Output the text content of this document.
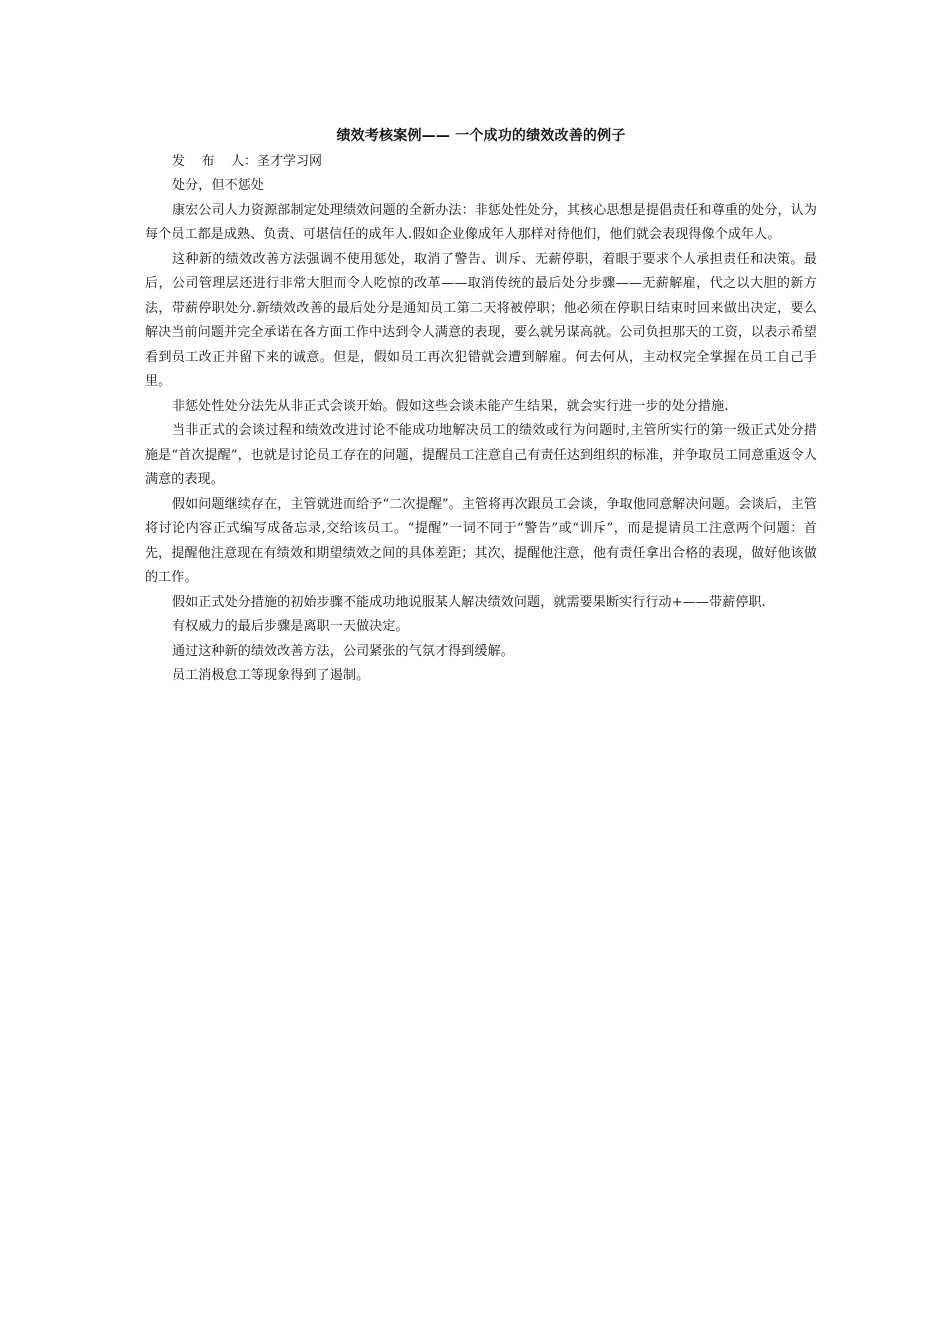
绩效考核案例—— 一个成功的绩效改善的例子

发    布    人：圣才学习网

处分，但不惩处

康宏公司人力资源部制定处理绩效问题的全新办法：非惩处性处分，其核心思想是提倡责任和尊重的处分，认为每个员工都是成熟、负责、可堪信任的成年人.假如企业像成年人那样对待他们，他们就会表现得像个成年人。

这种新的绩效改善方法强调不使用惩处，取消了警告、训斥、无薪停职，着眼于要求个人承担责任和决策。最后，公司管理层还进行非常大胆而令人吃惊的改革——取消传统的最后处分步骤——无薪解雇，代之以大胆的新方法，带薪停职处分.新绩效改善的最后处分是通知员工第二天将被停职；他必须在停职日结束时回来做出决定，要么解决当前问题并完全承诺在各方面工作中达到令人满意的表现，要么就另谋高就。公司负担那天的工资，以表示希望看到员工改正并留下来的诚意。但是，假如员工再次犯错就会遭到解雇。何去何从，主动权完全掌握在员工自己手里。

非惩处性处分法先从非正式会谈开始。假如这些会谈未能产生结果，就会实行进一步的处分措施.

当非正式的会谈过程和绩效改进讨论不能成功地解决员工的绩效或行为问题时,主管所实行的第一级正式处分措施是“首次提醒”，也就是讨论员工存在的问题，提醒员工注意自己有责任达到组织的标准，并争取员工同意重返令人满意的表现。

假如问题继续存在，主管就进而给予“二次提醒”。主管将再次跟员工会谈，争取他同意解决问题。会谈后，主管将讨论内容正式编写成备忘录,交给该员工。“提醒”一词不同于“警告”或“训斥”，而是提请员工注意两个问题：首先，提醒他注意现在有绩效和期望绩效之间的具体差距；其次，提醒他注意，他有责任拿出合格的表现，做好他该做的工作。

假如正式处分措施的初始步骤不能成功地说服某人解决绩效问题，就需要果断实行行动+——带薪停职.

有权威力的最后步骤是离职一天做决定。

通过这种新的绩效改善方法，公司紧张的气氛才得到缓解。

员工消极怠工等现象得到了遏制。
